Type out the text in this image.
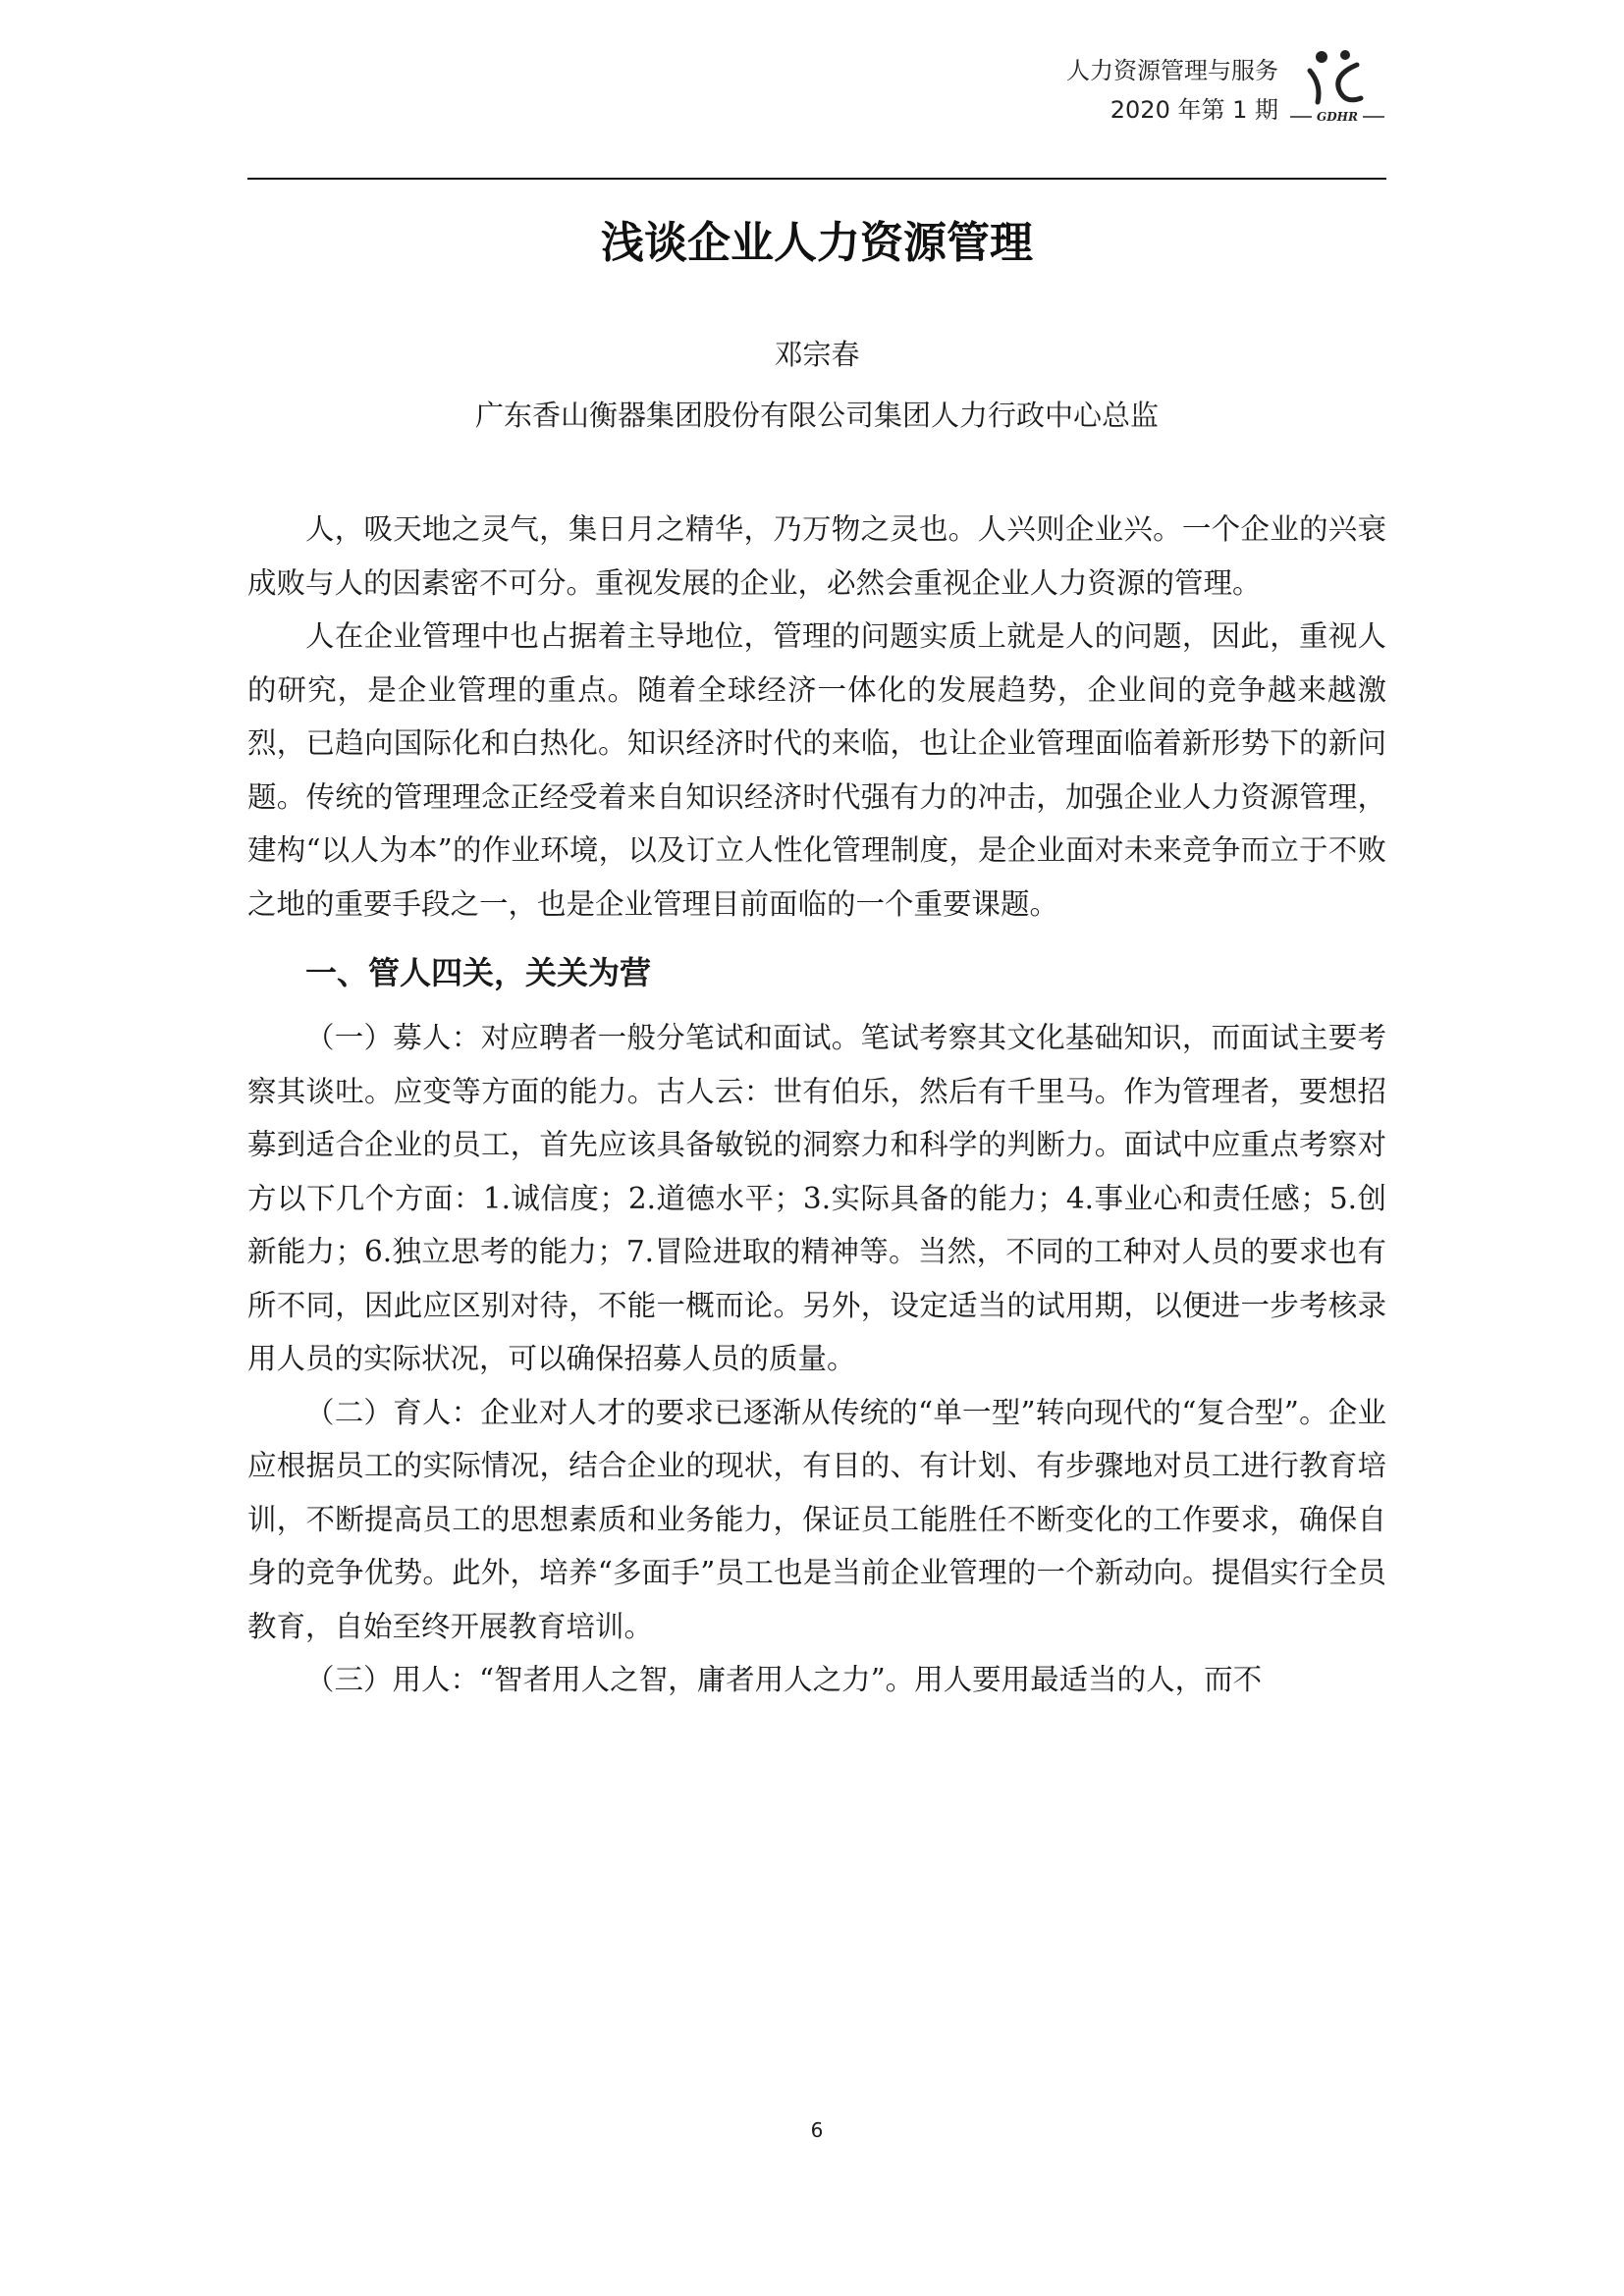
人力资源管理与服务
2020 年第 1 期	GDHR
浅谈企业人力资源管理
邓宗春
广东香山衡器集团股份有限公司集团人力行政中心总监

人，吸天地之灵气，集日月之精华，乃万物之灵也。人兴则企业兴。一个企业的兴衰成败与人的因素密不可分。重视发展的企业，必然会重视企业人力资源的管理。

人在企业管理中也占据着主导地位，管理的问题实质上就是人的问题，因此，重视人的研究，是企业管理的重点。随着全球经济一体化的发展趋势，企业间的竞争越来越激烈，已趋向国际化和白热化。知识经济时代的来临，也让企业管理面临着新形势下的新问题。传统的管理理念正经受着来自知识经济时代强有力的冲击，加强企业人力资源管理，建构“以人为本”的作业环境，以及订立人性化管理制度，是企业面对未来竞争而立于不败之地的重要手段之一，也是企业管理目前面临的一个重要课题。

一、管人四关，关关为营

（一）募人：对应聘者一般分笔试和面试。笔试考察其文化基础知识，而面试主要考察其谈吐。应变等方面的能力。古人云：世有伯乐，然后有千里马。作为管理者，要想招募到适合企业的员工，首先应该具备敏锐的洞察力和科学的判断力。面试中应重点考察对方以下几个方面：1.诚信度；2.道德水平；3.实际具备的能力；4.事业心和责任感；5.创新能力；6.独立思考的能力；7.冒险进取的精神等。当然，不同的工种对人员的要求也有所不同，因此应区别对待，不能一概而论。另外，设定适当的试用期，以便进一步考核录用人员的实际状况，可以确保招募人员的质量。

（二）育人：企业对人才的要求已逐渐从传统的“单一型”转向现代的“复合型”。企业应根据员工的实际情况，结合企业的现状，有目的、有计划、有步骤地对员工进行教育培训，不断提高员工的思想素质和业务能力，保证员工能胜任不断变化的工作要求，确保自身的竞争优势。此外，培养“多面手”员工也是当前企业管理的一个新动向。提倡实行全员教育，自始至终开展教育培训。

（三）用人：“智者用人之智，庸者用人之力”。用人要用最适当的人，而不

6
